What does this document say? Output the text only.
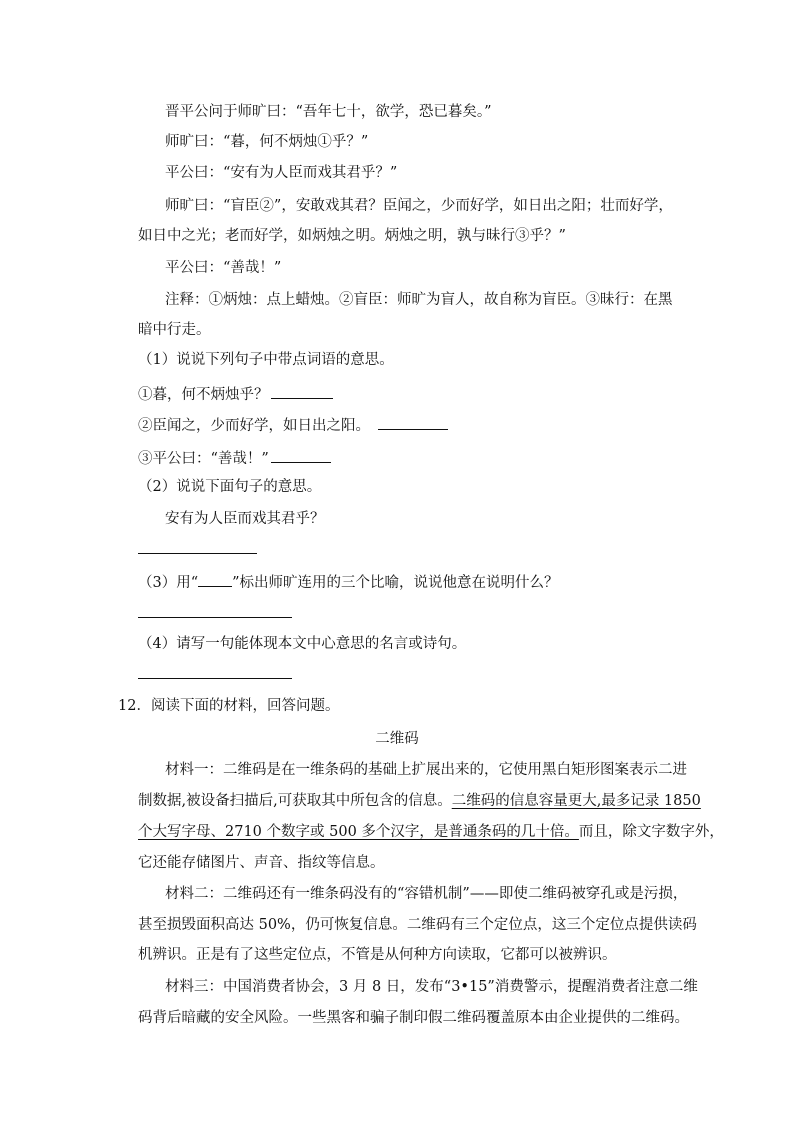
晋平公问于师旷曰：“吾年七十，欲学，恐已暮矣。”
师旷曰：“暮，何不炳烛①乎？”
平公曰：“安有为人臣而戏其君乎？”
师旷曰：“盲臣②”，安敢戏其君？臣闻之，少而好学，如日出之阳；壮而好学，
如日中之光；老而好学，如炳烛之明。炳烛之明，孰与昧行③乎？”
平公曰：“善哉！”
注释：①炳烛：点上蜡烛。②盲臣：师旷为盲人，故自称为盲臣。③昧行：在黑
暗中行走。
（1）说说下列句子中带点词语的意思。
①暮，何不炳烛乎？
②臣闻之，少而好学，如日出之阳。
③平公曰：“善哉！”
（2）说说下面句子的意思。
安有为人臣而戏其君乎？
（3）用“ ”标出师旷连用的三个比喻，说说他意在说明什么？
（4）请写一句能体现本文中心意思的名言或诗句。
12．阅读下面的材料，回答问题。
二维码
材料一：二维码是在一维条码的基础上扩展出来的，它使用黑白矩形图案表示二进
制数据,被设备扫描后,可获取其中所包含的信息。二维码的信息容量更大,最多记录 1850
个大写字母、2710 个数字或 500 多个汉字，是普通条码的几十倍。而且，除文字数字外，
它还能存储图片、声音、指纹等信息。
材料二：二维码还有一维条码没有的“容错机制”——即使二维码被穿孔或是污损，
甚至损毁面积高达 50%，仍可恢复信息。二维码有三个定位点，这三个定位点提供读码
机辨识。正是有了这些定位点，不管是从何种方向读取，它都可以被辨识。
材料三：中国消费者协会，3 月 8 日，发布“3•15”消费警示，提醒消费者注意二维
码背后暗藏的安全风险。一些黑客和骗子制印假二维码覆盖原本由企业提供的二维码。
